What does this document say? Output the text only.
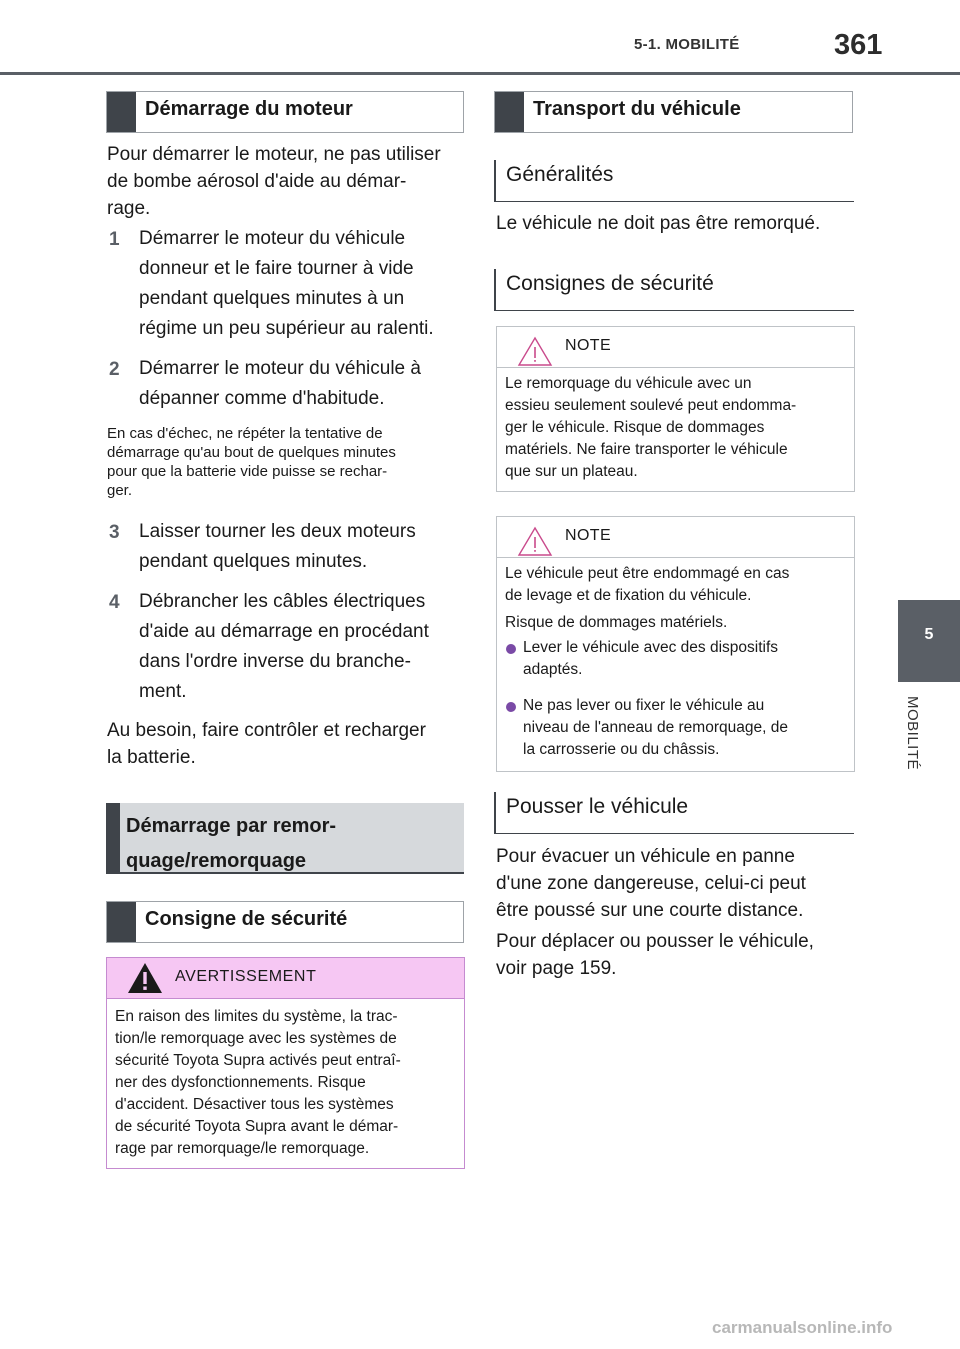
5-1. MOBILITÉ	361
5
MOBILITÉ
Démarrage du moteur
Pour démarrer le moteur, ne pas utiliser
de bombe aérosol d'aide au démar-
rage.
1 Démarrer le moteur du véhicule
donneur et le faire tourner à vide
pendant quelques minutes à un
régime un peu supérieur au ralenti.
2 Démarrer le moteur du véhicule à
dépanner comme d'habitude.
En cas d'échec, ne répéter la tentative de
démarrage qu'au bout de quelques minutes
pour que la batterie vide puisse se rechar-
ger.
3 Laisser tourner les deux moteurs
pendant quelques minutes.
4 Débrancher les câbles électriques
d'aide au démarrage en procédant
dans l'ordre inverse du branche-
ment.
Au besoin, faire contrôler et recharger
la batterie.
Démarrage par remor-
quage/remorquage
Consigne de sécurité
AVERTISSEMENT
En raison des limites du système, la trac-
tion/le remorquage avec les systèmes de
sécurité Toyota Supra activés peut entraî-
ner des dysfonctionnements. Risque
d'accident. Désactiver tous les systèmes
de sécurité Toyota Supra avant le démar-
rage par remorquage/le remorquage.
Transport du véhicule
Généralités
Le véhicule ne doit pas être remorqué.
Consignes de sécurité
NOTE
Le remorquage du véhicule avec un
essieu seulement soulevé peut endomma-
ger le véhicule. Risque de dommages
matériels. Ne faire transporter le véhicule
que sur un plateau.
NOTE
Le véhicule peut être endommagé en cas
de levage et de fixation du véhicule.
Risque de dommages matériels.
Lever le véhicule avec des dispositifs
adaptés.
Ne pas lever ou fixer le véhicule au
niveau de l'anneau de remorquage, de
la carrosserie ou du châssis.
Pousser le véhicule
Pour évacuer un véhicule en panne
d'une zone dangereuse, celui-ci peut
être poussé sur une courte distance.
Pour déplacer ou pousser le véhicule,
voir page 159.
carmanualsonline.info
